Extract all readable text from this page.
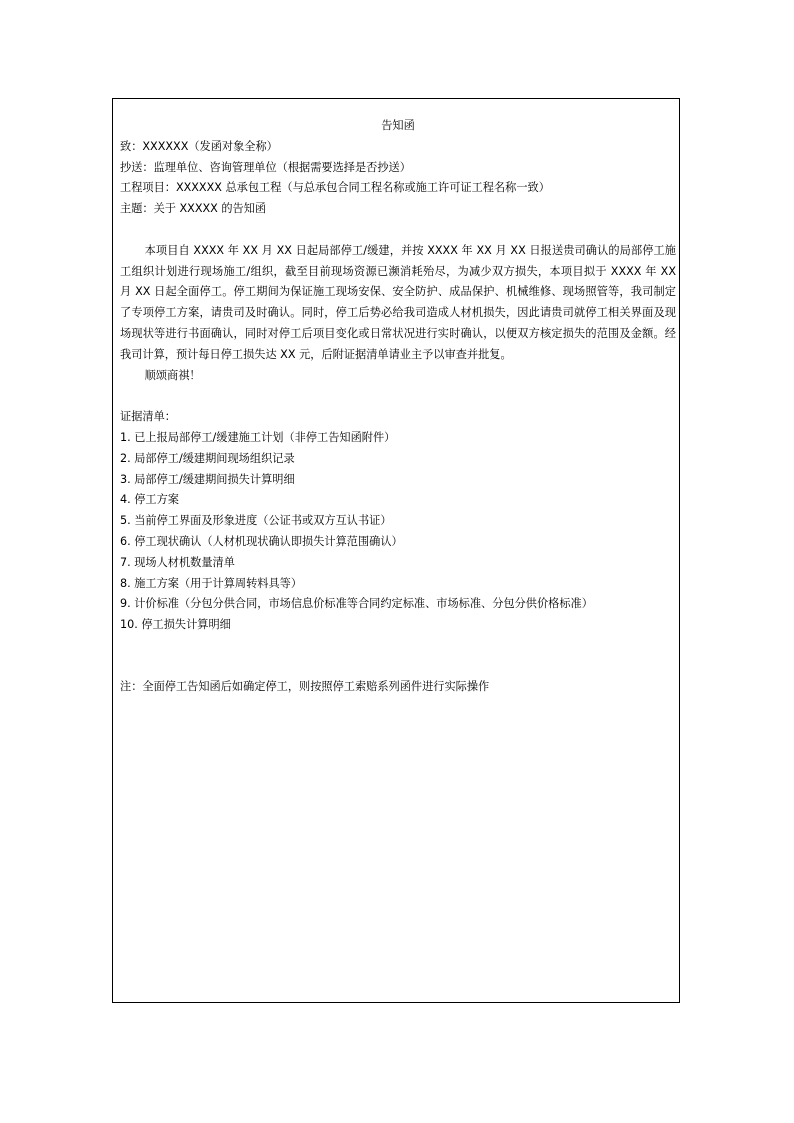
告知函
致：XXXXXX（发函对象全称）
抄送：监理单位、咨询管理单位（根据需要选择是否抄送）
工程项目：XXXXXX 总承包工程（与总承包合同工程名称或施工许可证工程名称一致）
主题：关于 XXXXX 的告知函

本项目自 XXXX 年 XX 月 XX 日起局部停工/缓建，并按 XXXX 年 XX 月 XX 日报送贵司确认的局部停工施工组织计划进行现场施工/组织，截至目前现场资源已濒消耗殆尽，为减少双方损失，本项目拟于 XXXX 年 XX 月 XX 日起全面停工。停工期间为保证施工现场安保、安全防护、成品保护、机械维修、现场照管等，我司制定了专项停工方案，请贵司及时确认。同时，停工后势必给我司造成人材机损失，因此请贵司就停工相关界面及现场现状等进行书面确认，同时对停工后项目变化或日常状况进行实时确认，以便双方核定损失的范围及金额。经我司计算，预计每日停工损失达 XX 元，后附证据清单请业主予以审查并批复。

顺颂商祺！
证据清单：
1. 已上报局部停工/缓建施工计划（非停工告知函附件）
2. 局部停工/缓建期间现场组织记录
3. 局部停工/缓建期间损失计算明细
4. 停工方案
5. 当前停工界面及形象进度（公证书或双方互认书证）
6. 停工现状确认（人材机现状确认即损失计算范围确认）
7. 现场人材机数量清单
8. 施工方案（用于计算周转料具等）
9. 计价标准（分包分供合同，市场信息价标准等合同约定标准、市场标准、分包分供价格标准）
10. 停工损失计算明细
注：全面停工告知函后如确定停工，则按照停工索赔系列函件进行实际操作
